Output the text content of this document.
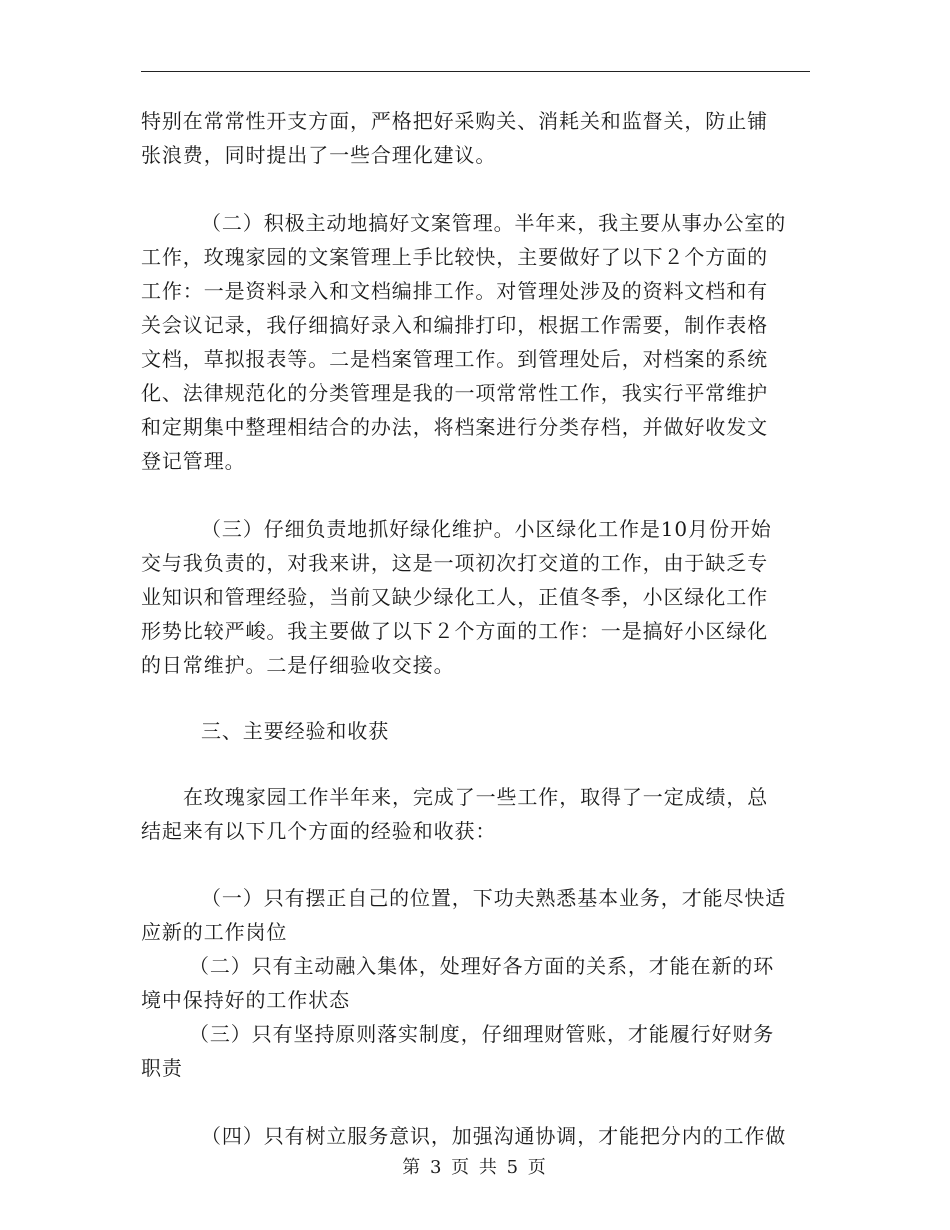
特别在常常性开支方面，严格把好采购关、消耗关和监督关，防止铺
张浪费，同时提出了一些合理化建议。

（二）积极主动地搞好文案管理。半年来，我主要从事办公室的
工作，玫瑰家园的文案管理上手比较快，主要做好了以下２个方面的
工作：一是资料录入和文档编排工作。对管理处涉及的资料文档和有
关会议记录，我仔细搞好录入和编排打印，根据工作需要，制作表格
文档，草拟报表等。二是档案管理工作。到管理处后，对档案的系统
化、法律规范化的分类管理是我的一项常常性工作，我实行平常维护
和定期集中整理相结合的办法，将档案进行分类存档，并做好收发文
登记管理。

（三）仔细负责地抓好绿化维护。小区绿化工作是10月份开始
交与我负责的，对我来讲，这是一项初次打交道的工作，由于缺乏专
业知识和管理经验，当前又缺少绿化工人，正值冬季，小区绿化工作
形势比较严峻。我主要做了以下２个方面的工作：一是搞好小区绿化
的日常维护。二是仔细验收交接。

三、主要经验和收获

在玫瑰家园工作半年来，完成了一些工作，取得了一定成绩，总
结起来有以下几个方面的经验和收获：

（一）只有摆正自己的位置，下功夫熟悉基本业务，才能尽快适
应新的工作岗位

（二）只有主动融入集体，处理好各方面的关系，才能在新的环
境中保持好的工作状态

（三）只有坚持原则落实制度，仔细理财管账，才能履行好财务
职责

（四）只有树立服务意识，加强沟通协调，才能把分内的工作做

第 3 页 共 5 页
